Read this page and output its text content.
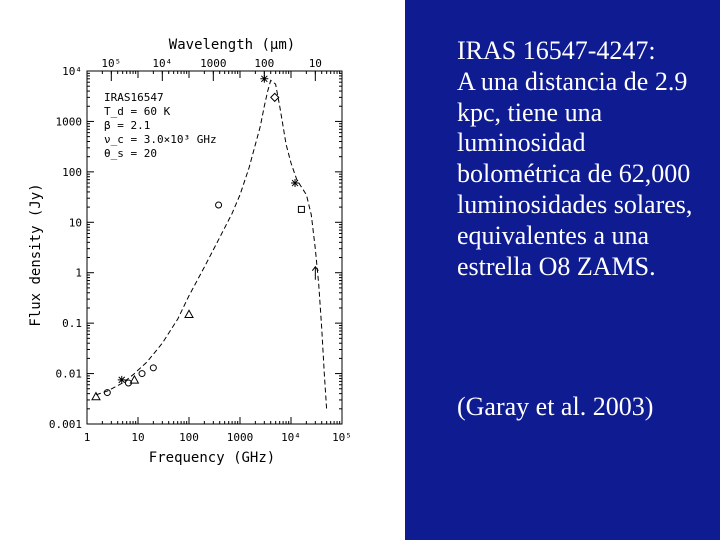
Wavelength (μm)
Flux density (Jy)
Frequency (GHz)
1	10	100	1000	10⁴	10⁵
0.001
0.01
0.1
1
10
100
1000
10⁴
10⁵	10⁴	1000	100	10
IRAS16547
T_d = 60 K
β = 2.1
ν_c = 3.0×10³ GHz
θ_s = 20
IRAS 16547-4247:
A una distancia de 2.9 kpc, tiene una luminosidad bolométrica de 62,000 luminosidades solares, equivalentes a una estrella O8 ZAMS.
(Garay et al. 2003)
